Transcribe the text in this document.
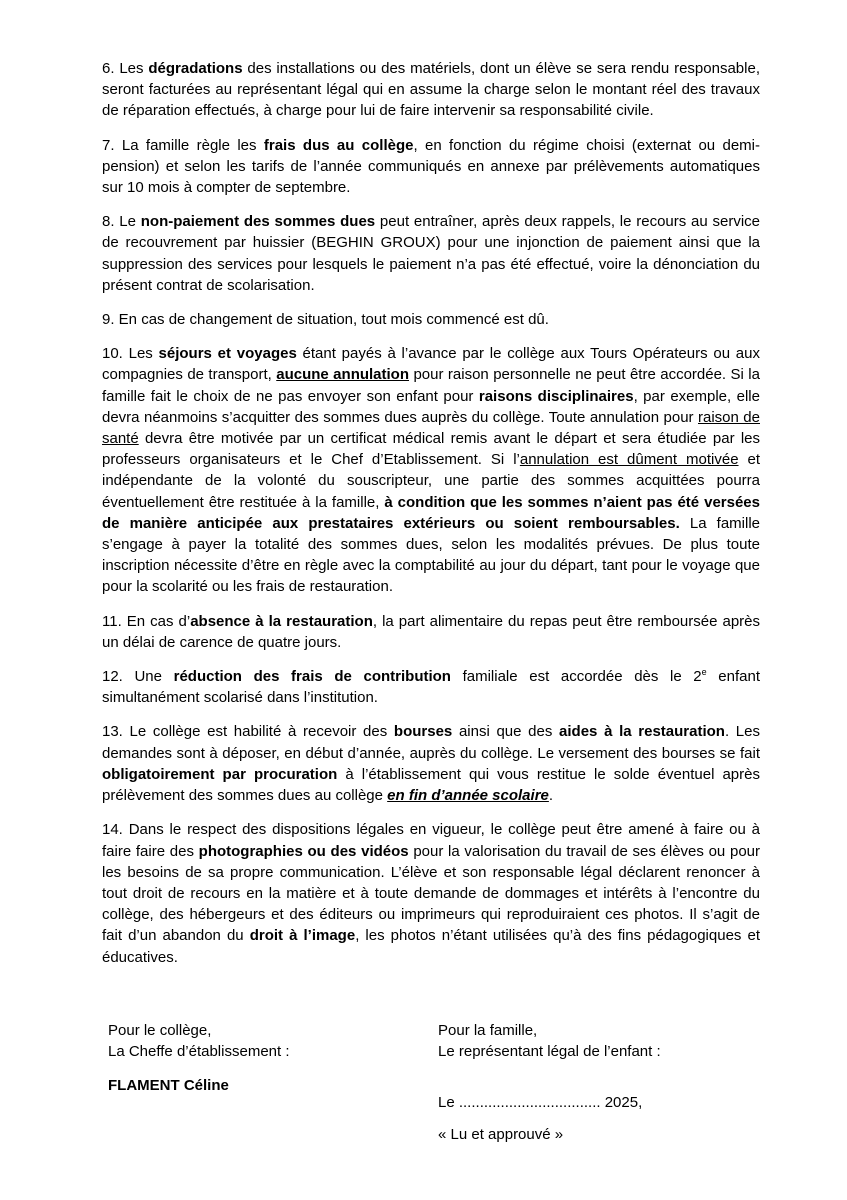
6. Les dégradations des installations ou des matériels, dont un élève se sera rendu responsable, seront facturées au représentant légal qui en assume la charge selon le montant réel des travaux de réparation effectués, à charge pour lui de faire intervenir sa responsabilité civile.

7. La famille règle les frais dus au collège, en fonction du régime choisi (externat ou demi-pension) et selon les tarifs de l’année communiqués en annexe par prélèvements automatiques sur 10 mois à compter de septembre.

8. Le non-paiement des sommes dues peut entraîner, après deux rappels, le recours au service de recouvrement par huissier (BEGHIN GROUX) pour une injonction de paiement ainsi que la suppression des services pour lesquels le paiement n’a pas été effectué, voire la dénonciation du présent contrat de scolarisation.

9. En cas de changement de situation, tout mois commencé est dû.

10. Les séjours et voyages étant payés à l’avance par le collège aux Tours Opérateurs ou aux compagnies de transport, aucune annulation pour raison personnelle ne peut être accordée. Si la famille fait le choix de ne pas envoyer son enfant pour raisons disciplinaires, par exemple, elle devra néanmoins s’acquitter des sommes dues auprès du collège. Toute annulation pour raison de santé devra être motivée par un certificat médical remis avant le départ et sera étudiée par les professeurs organisateurs et le Chef d’Etablissement. Si l’annulation est dûment motivée et indépendante de la volonté du souscripteur, une partie des sommes acquittées pourra éventuellement être restituée à la famille, à condition que les sommes n’aient pas été versées de manière anticipée aux prestataires extérieurs ou soient remboursables. La famille s’engage à payer la totalité des sommes dues, selon les modalités prévues. De plus toute inscription nécessite d’être en règle avec la comptabilité au jour du départ, tant pour le voyage que pour la scolarité ou les frais de restauration.

11. En cas d’absence à la restauration, la part alimentaire du repas peut être remboursée après un délai de carence de quatre jours.

12. Une réduction des frais de contribution familiale est accordée dès le 2e enfant simultanément scolarisé dans l’institution.

13. Le collège est habilité à recevoir des bourses ainsi que des aides à la restauration. Les demandes sont à déposer, en début d’année, auprès du collège. Le versement des bourses se fait obligatoirement par procuration à l’établissement qui vous restitue le solde éventuel après prélèvement des sommes dues au collège en fin d’année scolaire.

14. Dans le respect des dispositions légales en vigueur, le collège peut être amené à faire ou à faire faire des photographies ou des vidéos pour la valorisation du travail de ses élèves ou pour les besoins de sa propre communication. L’élève et son responsable légal déclarent renoncer à tout droit de recours en la matière et à toute demande de dommages et intérêts à l’encontre du collège, des hébergeurs et des éditeurs ou imprimeurs qui reproduiraient ces photos. Il s’agit de fait d’un abandon du droit à l’image, les photos n’étant utilisées qu’à des fins pédagogiques et éducatives.

Pour le collège,
La Cheffe d’établissement :
FLAMENT Céline
Pour la famille,
Le représentant légal de l’enfant :
Le .................................. 2025,
« Lu et approuvé »
